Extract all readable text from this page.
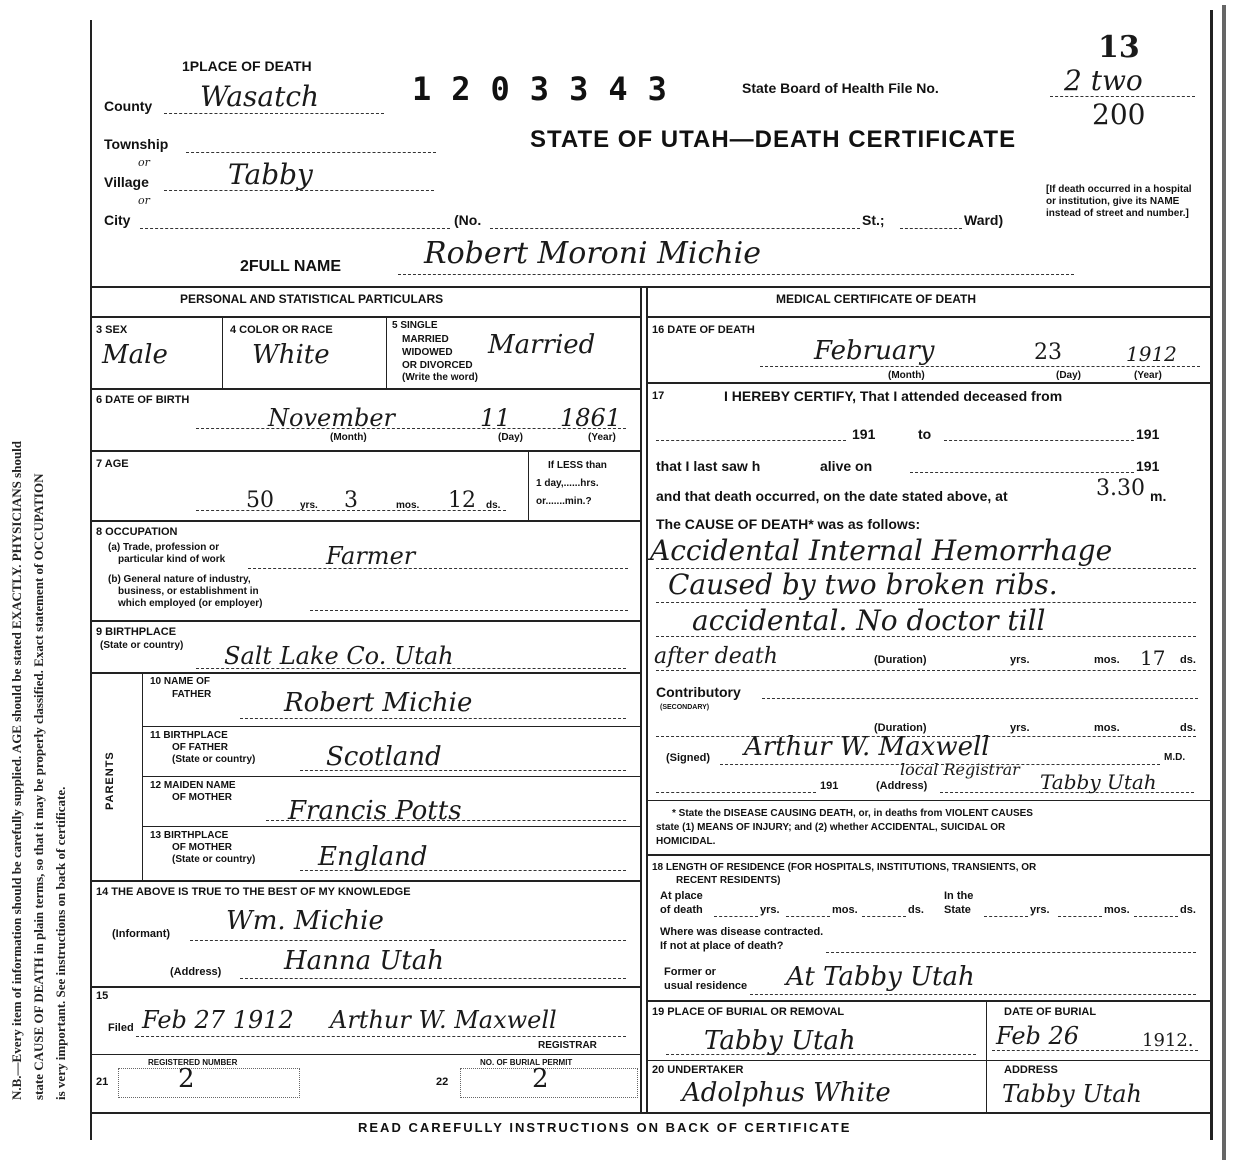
N.B.—Every item of information should be carefully supplied. AGE should be stated EXACTLY. PHYSICIANS should state CAUSE OF DEATH in plain terms, so that it may be properly classified. Exact statement of OCCUPATION is very important. See instructions on back of certificate.
13
1PLACE OF DEATH
County Wasatch	1203343	State Board of Health File No.	2 two
200
STATE OF UTAH—DEATH CERTIFICATE
Township
or
Village	Tabby
or
City	(No.	St.;	Ward)
[If death occurred in a hospital or institution, give its NAME instead of street and number.]
2FULL NAME	Robert Moroni Michie
PERSONAL AND STATISTICAL PARTICULARS
3 SEX
Male
4 COLOR OR RACE
White
5 SINGLE
MARRIED
WIDOWED
OR DIVORCED
(Write the word)
Married
6 DATE OF BIRTH
November	11 1861
(Month)	(Day)	(Year)
7 AGE
50	yrs. 3	mos. 12 ds.
If LESS than
1 day,......hrs.
or.......min.?
8 OCCUPATION
(a) Trade, profession or
particular kind of work	Farmer
(b) General nature of industry,
business, or establishment in
which employed (or employer)
9 BIRTHPLACE
(State or country) Salt Lake Co. Utah
PARENTS
10 NAME OF
FATHER	Robert Michie
11 BIRTHPLACE
OF FATHER
(State or country)	Scotland
12 MAIDEN NAME
OF MOTHER Francis Potts
13 BIRTHPLACE
OF MOTHER
(State or country) England
14 THE ABOVE IS TRUE TO THE BEST OF MY KNOWLEDGE
(Informant) Wm. Michie
(Address) Hanna Utah
15
Filed Feb 27 1912 Arthur W. Maxwell
REGISTRAR
REGISTERED NUMBER
21	2
NO. OF BURIAL PERMIT
22	2
MEDICAL CERTIFICATE OF DEATH
16 DATE OF DEATH
February	23	1912
(Month)	(Day)	(Year)
17	I HEREBY CERTIFY, That I attended deceased from
191	to	191
that I last saw h	alive on	191
and that death occurred, on the date stated above, at	3.30 m.
The CAUSE OF DEATH* was as follows:
Accidental Internal Hemorrhage
Caused by two broken ribs.
accidental. No doctor till
after death	(Duration)	yrs.	mos. 17 ds.
Contributory
(SECONDARY)
(Duration)	yrs.	mos.	ds.
(Signed) Arthur W. Maxwell	M.D.
local Registrar
191	(Address)	Tabby Utah
* State the DISEASE CAUSING DEATH, or, in deaths from VIOLENT CAUSES
state (1) MEANS OF INJURY; and (2) whether ACCIDENTAL, SUICIDAL OR
HOMICIDAL.
18 LENGTH OF RESIDENCE (FOR HOSPITALS, INSTITUTIONS, TRANSIENTS, OR
RECENT RESIDENTS)
At place
of death	yrs.	mos.	ds.
In the
State	yrs.	mos.	ds.
Where was disease contracted.
If not at place of death?
Former or
usual residence At Tabby Utah
19 PLACE OF BURIAL OR REMOVAL
Tabby Utah
DATE OF BURIAL
Feb 26	1912.
20 UNDERTAKER
Adolphus White
ADDRESS
Tabby Utah
READ CAREFULLY INSTRUCTIONS ON BACK OF CERTIFICATE
